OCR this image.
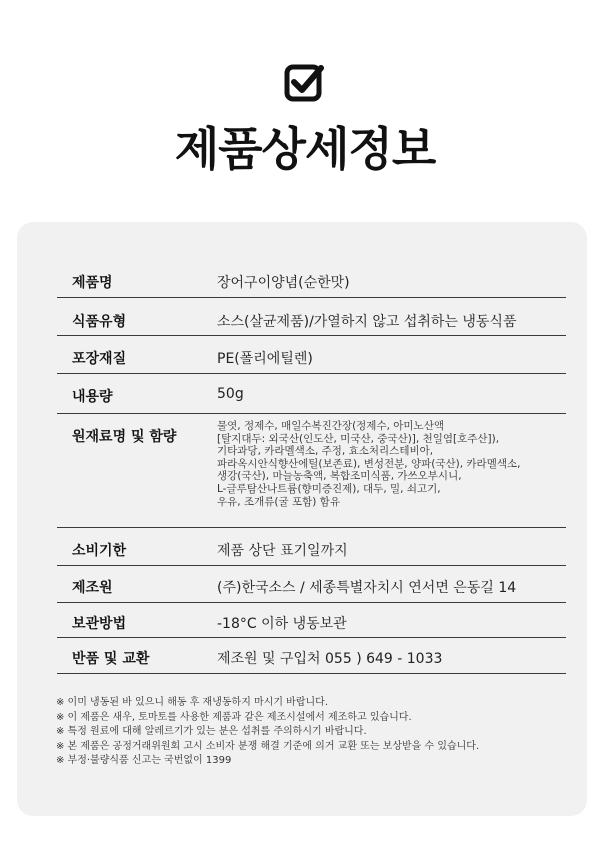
제품상세정보
제품명	장어구이양념(순한맛)
식품유형	소스(살균제품)/가열하지 않고 섭취하는 냉동식품
포장재질	PE(폴리에틸렌)
내용량	50g
원재료명 및 함량
물엿, 정제수, 매일수복진간장(정제수, 아미노산액
[탈지대두: 외국산(인도산, 미국산, 중국산)], 천일염[호주산]),
기타과당, 카라멜색소, 주정, 효소처리스테비아,
파라옥시안식향산에틸(보존료), 변성전분, 양파(국산), 카라멜색소,
생강(국산), 마늘농축액, 복합조미식품, 가쓰오부시니,
L-글루탐산나트륨(향미증진제), 대두, 밀, 쇠고기,
우유, 조개류(굴 포함) 함유
소비기한	제품 상단 표기일까지
제조원	(주)한국소스 / 세종특별자치시 연서면 은동길 14
보관방법	-18°C 이하 냉동보관
반품 및 교환	제조원 및 구입처 055 ) 649 - 1033
※ 이미 냉동된 바 있으니 해동 후 재냉동하지 마시기 바랍니다.
※ 이 제품은 새우, 토마토를 사용한 제품과 같은 제조시설에서 제조하고 있습니다.
※ 특정 원료에 대해 알레르기가 있는 분은 섭취를 주의하시기 바랍니다.
※ 본 제품은 공정거래위원회 고시 소비자 분쟁 해결 기준에 의거 교환 또는 보상받을 수 있습니다.
※ 부정·불량식품 신고는 국번없이 1399
